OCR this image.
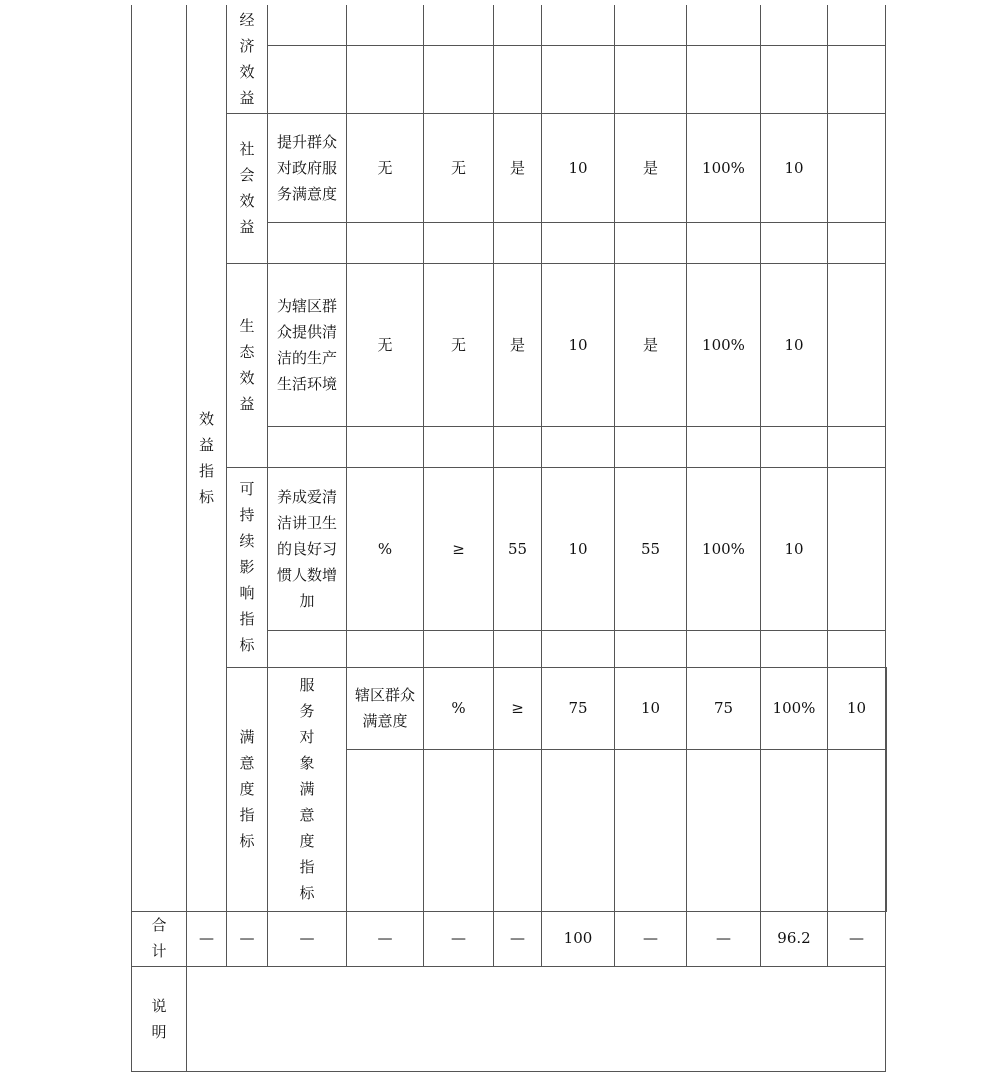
	效益指标	经济效益										

		社会效益	提升群众对政府服务满意度	无	无	是	10	是	100%	10		

		生态效益	为辖区群众提供清洁的生产生活环境	无	无	是	10	是	100%	10		

		可持续影响指标	养成爱清洁讲卫生的良好习惯人数增加	%	≥	55	10	55	100%	10		

		满意度指标	服务对象满意度指标	辖区群众满意度	%	≥	75	10	75	100%	10	

合计	—	—	—	—	—	—	100	—	—	96.2	—
说明											
